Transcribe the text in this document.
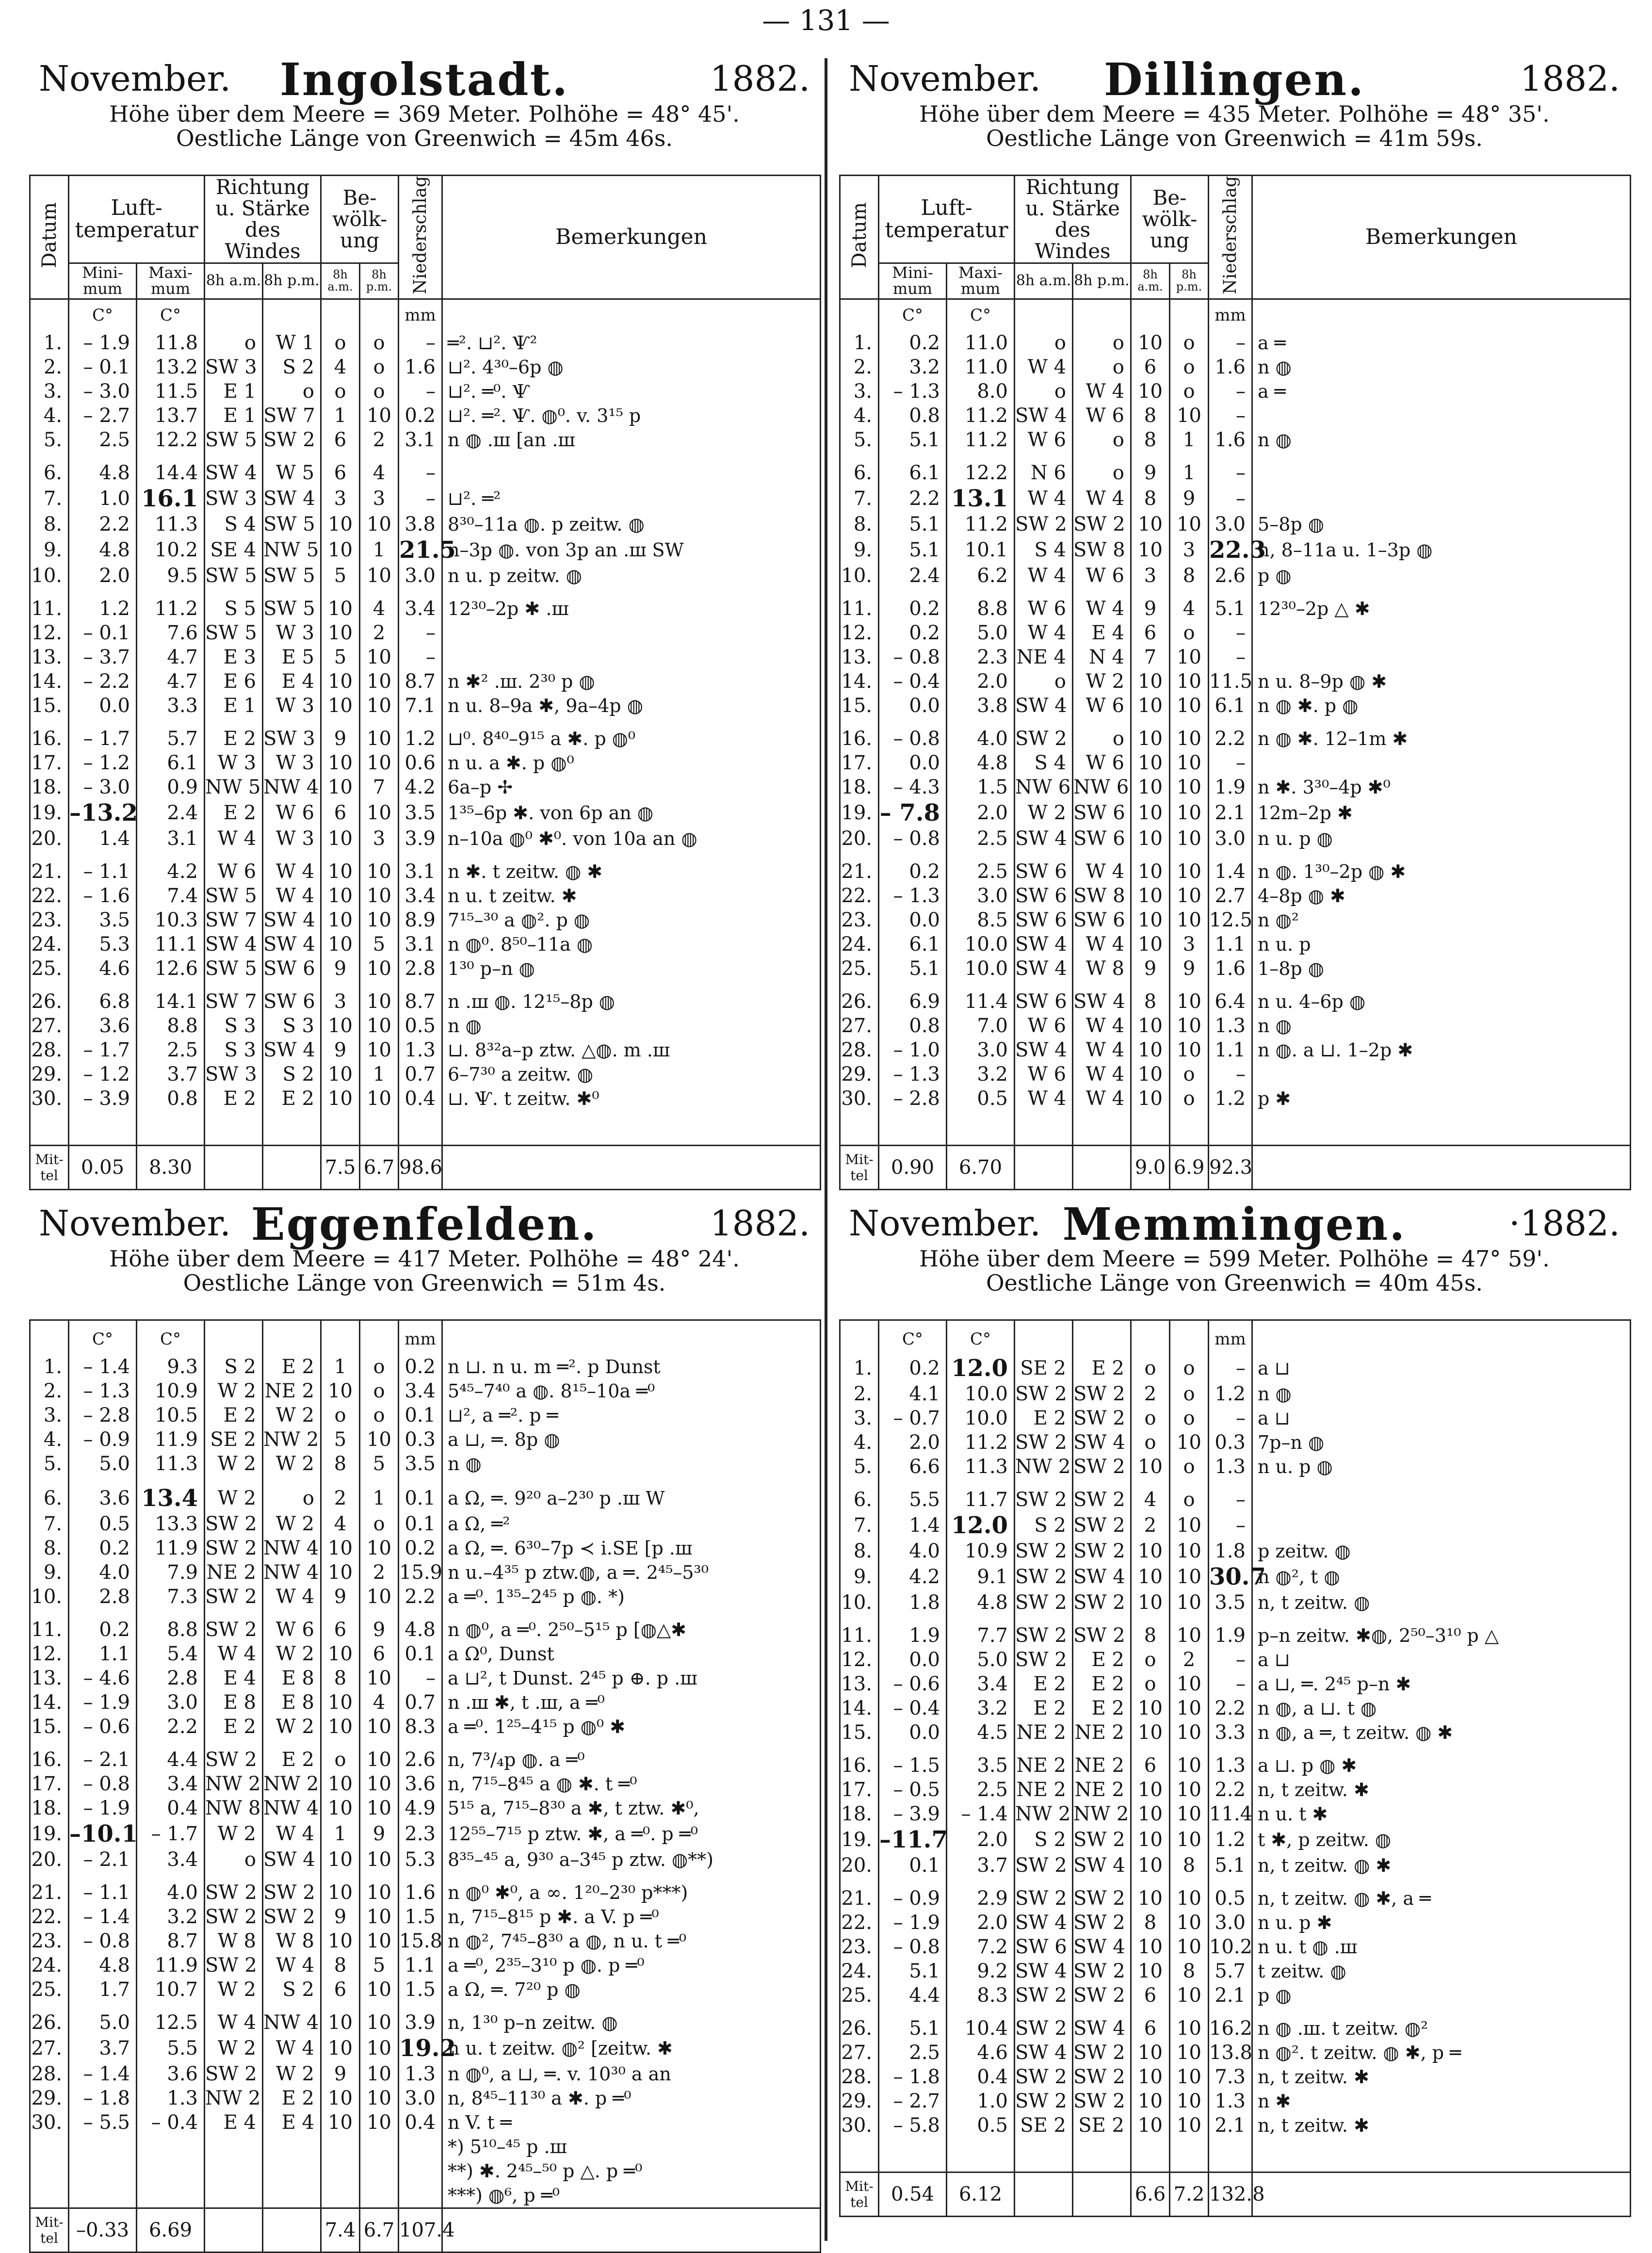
— 131 —
November.	Ingolstadt.	1882.
Höhe über dem Meere = 369 Meter. Polhöhe = 48° 45'.
Oestliche Länge von Greenwich = 45m 46s.
Datum	Luft-temperatur		Richtung u. Stärke des Windes		Be-wölk-ung		Niederschlag	Bemerkungen
	Mini-mum	Maxi-mum	8h a.m.	8h p.m.	8h a.m.	8h p.m.		
	C°	C°					mm	
1.	– 1.9	11.8	o	W 1	o	o	–	═². ⊔². Ѱ²
2.	– 0.1	13.2	SW 3	S 2	4	o	1.6	⊔². 4³⁰–6p ◍
3.	– 3.0	11.5	E 1	o	o	o	–	⊔². ═⁰. Ѱ
4.	– 2.7	13.7	E 1	SW 7	1	10	0.2	⊔². ═². Ѱ. ◍⁰. v. 3¹⁵ p
5.	2.5	12.2	SW 5	SW 2	6	2	3.1	n ◍ .ш [an .ш

6.	4.8	14.4	SW 4	W 5	6	4	–	
7.	1.0	16.1	SW 3	SW 4	3	3	–	⊔². ═²
8.	2.2	11.3	S 4	SW 5	10	10	3.8	8³⁰–11a ◍. p zeitw. ◍
9.	4.8	10.2	SE 4	NW 5	10	1	21.5	n–3p ◍. von 3p an .ш SW
10.	2.0	9.5	SW 5	SW 5	5	10	3.0	n u. p zeitw. ◍

11.	1.2	11.2	S 5	SW 5	10	4	3.4	12³⁰–2p ✱ .ш
12.	– 0.1	7.6	SW 5	W 3	10	2	–	
13.	– 3.7	4.7	E 3	E 5	5	10	–	
14.	– 2.2	4.7	E 6	E 4	10	10	8.7	n ✱² .ш. 2³⁰ p ◍
15.	0.0	3.3	E 1	W 3	10	10	7.1	n u. 8–9a ✱, 9a–4p ◍

16.	– 1.7	5.7	E 2	SW 3	9	10	1.2	⊔⁰. 8⁴⁰–9¹⁵ a ✱. p ◍⁰
17.	– 1.2	6.1	W 3	W 3	10	10	0.6	n u. a ✱. p ◍⁰
18.	– 3.0	0.9	NW 5	NW 4	10	7	4.2	6a–p ✢
19.	–13.2	2.4	E 2	W 6	6	10	3.5	1³⁵–6p ✱. von 6p an ◍
20.	1.4	3.1	W 4	W 3	10	3	3.9	n–10a ◍⁰ ✱⁰. von 10a an ◍

21.	– 1.1	4.2	W 6	W 4	10	10	3.1	n ✱. t zeitw. ◍ ✱
22.	– 1.6	7.4	SW 5	W 4	10	10	3.4	n u. t zeitw. ✱
23.	3.5	10.3	SW 7	SW 4	10	10	8.9	7¹⁵–³⁰ a ◍². p ◍
24.	5.3	11.1	SW 4	SW 4	10	5	3.1	n ◍⁰. 8⁵⁰–11a ◍
25.	4.6	12.6	SW 5	SW 6	9	10	2.8	1³⁰ p–n ◍

26.	6.8	14.1	SW 7	SW 6	3	10	8.7	n .ш ◍. 12¹⁵–8p ◍
27.	3.6	8.8	S 3	S 3	10	10	0.5	n ◍
28.	– 1.7	2.5	S 3	SW 4	9	10	1.3	⊔. 8³²a–p ztw. △◍. m .ш
29.	– 1.2	3.7	SW 3	S 2	10	1	0.7	6–7³⁰ a zeitw. ◍
30.	– 3.9	0.8	E 2	E 2	10	10	0.4	⊔. Ѱ. t zeitw. ✱⁰

Mit-tel	0.05	8.30			7.5	6.7	98.6	
November.	Dillingen.	1882.
Höhe über dem Meere = 435 Meter. Polhöhe = 48° 35'.
Oestliche Länge von Greenwich = 41m 59s.
Datum	Luft-temperatur		Richtung u. Stärke des Windes		Be-wölk-ung		Niederschlag	Bemerkungen
	Mini-mum	Maxi-mum	8h a.m.	8h p.m.	8h a.m.	8h p.m.		
	C°	C°					mm	
1.	0.2	11.0	o	o	10	o	–	a ═
2.	3.2	11.0	W 4	o	6	o	1.6	n ◍
3.	– 1.3	8.0	o	W 4	10	o	–	a ═
4.	0.8	11.2	SW 4	W 6	8	10	–	
5.	5.1	11.2	W 6	o	8	1	1.6	n ◍

6.	6.1	12.2	N 6	o	9	1	–	
7.	2.2	13.1	W 4	W 4	8	9	–	
8.	5.1	11.2	SW 2	SW 2	10	10	3.0	5–8p ◍
9.	5.1	10.1	S 4	SW 8	10	3	22.3	n, 8–11a u. 1–3p ◍
10.	2.4	6.2	W 4	W 6	3	8	2.6	p ◍

11.	0.2	8.8	W 6	W 4	9	4	5.1	12³⁰–2p △ ✱
12.	0.2	5.0	W 4	E 4	6	o	–	
13.	– 0.8	2.3	NE 4	N 4	7	10	–	
14.	– 0.4	2.0	o	W 2	10	10	11.5	n u. 8–9p ◍ ✱
15.	0.0	3.8	SW 4	W 6	10	10	6.1	n ◍ ✱. p ◍

16.	– 0.8	4.0	SW 2	o	10	10	2.2	n ◍ ✱. 12–1m ✱
17.	0.0	4.8	S 4	W 6	10	10	–	
18.	– 4.3	1.5	NW 6	NW 6	10	10	1.9	n ✱. 3³⁰–4p ✱⁰
19.	– 7.8	2.0	W 2	SW 6	10	10	2.1	12m–2p ✱
20.	– 0.8	2.5	SW 4	SW 6	10	10	3.0	n u. p ◍

21.	0.2	2.5	SW 6	W 4	10	10	1.4	n ◍. 1³⁰–2p ◍ ✱
22.	– 1.3	3.0	SW 6	SW 8	10	10	2.7	4–8p ◍ ✱
23.	0.0	8.5	SW 6	SW 6	10	10	12.5	n ◍²
24.	6.1	10.0	SW 4	W 4	10	3	1.1	n u. p
25.	5.1	10.0	SW 4	W 8	9	9	1.6	1–8p ◍

26.	6.9	11.4	SW 6	SW 4	8	10	6.4	n u. 4–6p ◍
27.	0.8	7.0	W 6	W 4	10	10	1.3	n ◍
28.	– 1.0	3.0	SW 4	W 4	10	10	1.1	n ◍. a ⊔. 1–2p ✱
29.	– 1.3	3.2	W 6	W 4	10	o	–	
30.	– 2.8	0.5	W 4	W 4	10	o	1.2	p ✱

Mit-tel	0.90	6.70			9.0	6.9	92.3	
November. Eggenfelden.	1882.
Höhe über dem Meere = 417 Meter. Polhöhe = 48° 24'.
Oestliche Länge von Greenwich = 51m 4s.

	C°	C°					mm	
1.	– 1.4	9.3	S 2	E 2	1	o	0.2	n ⊔. n u. m ═². p Dunst
2.	– 1.3	10.9	W 2	NE 2	10	o	3.4	5⁴⁵–7⁴⁰ a ◍. 8¹⁵–10a ═⁰
3.	– 2.8	10.5	E 2	W 2	o	o	0.1	⊔², a ═². p ═
4.	– 0.9	11.9	SE 2	NW 2	5	10	0.3	a ⊔, ═. 8p ◍
5.	5.0	11.3	W 2	W 2	8	5	3.5	n ◍

6.	3.6	13.4	W 2	o	2	1	0.1	a Ω, ═. 9²⁰ a–2³⁰ p .ш W
7.	0.5	13.3	SW 2	W 2	4	o	0.1	a Ω, ═²
8.	0.2	11.9	SW 2	NW 4	10	10	0.2	a Ω, ═. 6³⁰–7p ≺ i.SE [p .ш
9.	4.0	7.9	NE 2	NW 4	10	2	15.9	n u.–4³⁵ p ztw.◍, a ═. 2⁴⁵–5³⁰
10.	2.8	7.3	SW 2	W 4	9	10	2.2	a ═⁰. 1³⁵–2⁴⁵ p ◍. *)

11.	0.2	8.8	SW 2	W 6	6	9	4.8	n ◍⁰, a ═⁰. 2⁵⁰–5¹⁵ p [◍△✱
12.	1.1	5.4	W 4	W 2	10	6	0.1	a Ω⁰, Dunst
13.	– 4.6	2.8	E 4	E 8	8	10	–	a ⊔², t Dunst. 2⁴⁵ p ⊕. p .ш
14.	– 1.9	3.0	E 8	E 8	10	4	0.7	n .ш ✱, t .ш, a ═⁰
15.	– 0.6	2.2	E 2	W 2	10	10	8.3	a ═⁰. 1²⁵–4¹⁵ p ◍⁰ ✱

16.	– 2.1	4.4	SW 2	E 2	o	10	2.6	n, 7³/₄p ◍. a ═⁰
17.	– 0.8	3.4	NW 2	NW 2	10	10	3.6	n, 7¹⁵–8⁴⁵ a ◍ ✱. t ═⁰
18.	– 1.9	0.4	NW 8	NW 4	10	10	4.9	5¹⁵ a, 7¹⁵–8³⁰ a ✱, t ztw. ✱⁰,
19.	–10.1	– 1.7	W 2	W 4	1	9	2.3	12⁵⁵–7¹⁵ p ztw. ✱, a ═⁰. p ═⁰
20.	– 2.1	3.4	o	SW 4	10	10	5.3	8³⁵–⁴⁵ a, 9³⁰ a–3⁴⁵ p ztw. ◍**)

21.	– 1.1	4.0	SW 2	SW 2	10	10	1.6	n ◍⁰ ✱⁰, a ∞. 1²⁰–2³⁰ p***)
22.	– 1.4	3.2	SW 2	SW 2	9	10	1.5	n, 7¹⁵–8¹⁵ p ✱. a V. p ═⁰
23.	– 0.8	8.7	W 8	W 8	10	10	15.8	n ◍², 7⁴⁵–8³⁰ a ◍, n u. t ═⁰
24.	4.8	11.9	SW 2	W 4	8	5	1.1	a ═⁰, 2³⁵–3¹⁰ p ◍. p ═⁰
25.	1.7	10.7	W 2	S 2	6	10	1.5	a Ω, ═. 7²⁰ p ◍

26.	5.0	12.5	W 4	NW 4	10	10	3.9	n, 1³⁰ p–n zeitw. ◍
27.	3.7	5.5	W 2	W 4	10	10	19.2	n u. t zeitw. ◍² [zeitw. ✱
28.	– 1.4	3.6	SW 2	W 2	9	10	1.3	n ◍⁰, a ⊔, ═. v. 10³⁰ a an
29.	– 1.8	1.3	NW 2	E 2	10	10	3.0	n, 8⁴⁵–11³⁰ a ✱. p ═⁰
30.	– 5.5	– 0.4	E 4	E 4	10	10	0.4	n V. t ═
								*) 5¹⁰–⁴⁵ p .ш
								**) ✱. 2⁴⁵–⁵⁰ p △. p ═⁰
								***) ◍⁶, p ═⁰
Mit-tel	–0.33	6.69			7.4	6.7	107.4	
November. Memmingen.	·1882.
Höhe über dem Meere = 599 Meter. Polhöhe = 47° 59'.
Oestliche Länge von Greenwich = 40m 45s.

	C°	C°					mm	
1.	0.2	12.0	SE 2	E 2	o	o	–	a ⊔
2.	4.1	10.0	SW 2	SW 2	2	o	1.2	n ◍
3.	– 0.7	10.0	E 2	SW 2	o	o	–	a ⊔
4.	2.0	11.2	SW 2	SW 4	o	10	0.3	7p–n ◍
5.	6.6	11.3	NW 2	SW 2	10	o	1.3	n u. p ◍

6.	5.5	11.7	SW 2	SW 2	4	o	–	
7.	1.4	12.0	S 2	SW 2	2	10	–	
8.	4.0	10.9	SW 2	SW 2	10	10	1.8	p zeitw. ◍
9.	4.2	9.1	SW 2	SW 4	10	10	30.7	n ◍², t ◍
10.	1.8	4.8	SW 2	SW 2	10	10	3.5	n, t zeitw. ◍

11.	1.9	7.7	SW 2	SW 2	8	10	1.9	p–n zeitw. ✱◍, 2⁵⁰–3¹⁰ p △
12.	0.0	5.0	SW 2	E 2	o	2	–	a ⊔
13.	– 0.6	3.4	E 2	E 2	o	10	–	a ⊔, ═. 2⁴⁵ p–n ✱
14.	– 0.4	3.2	E 2	E 2	10	10	2.2	n ◍, a ⊔. t ◍
15.	0.0	4.5	NE 2	NE 2	10	10	3.3	n ◍, a ═, t zeitw. ◍ ✱

16.	– 1.5	3.5	NE 2	NE 2	6	10	1.3	a ⊔. p ◍ ✱
17.	– 0.5	2.5	NE 2	NE 2	10	10	2.2	n, t zeitw. ✱
18.	– 3.9	– 1.4	NW 2	NW 2	10	10	11.4	n u. t ✱
19.	–11.7	2.0	S 2	SW 2	10	10	1.2	t ✱, p zeitw. ◍
20.	0.1	3.7	SW 2	SW 4	10	8	5.1	n, t zeitw. ◍ ✱

21.	– 0.9	2.9	SW 2	SW 2	10	10	0.5	n, t zeitw. ◍ ✱, a ═
22.	– 1.9	2.0	SW 4	SW 2	8	10	3.0	n u. p ✱
23.	– 0.8	7.2	SW 6	SW 4	10	10	10.2	n u. t ◍ .ш
24.	5.1	9.2	SW 4	SW 2	10	8	5.7	t zeitw. ◍
25.	4.4	8.3	SW 2	SW 2	6	10	2.1	p ◍

26.	5.1	10.4	SW 2	SW 4	6	10	16.2	n ◍ .ш. t zeitw. ◍²
27.	2.5	4.6	SW 4	SW 2	10	10	13.8	n ◍². t zeitw. ◍ ✱, p ═
28.	– 1.8	0.4	SW 2	SW 2	10	10	7.3	n, t zeitw. ✱
29.	– 2.7	1.0	SW 2	SW 2	10	10	1.3	n ✱
30.	– 5.8	0.5	SE 2	SE 2	10	10	2.1	n, t zeitw. ✱

Mit-tel	0.54	6.12			6.6	7.2	132.8	
